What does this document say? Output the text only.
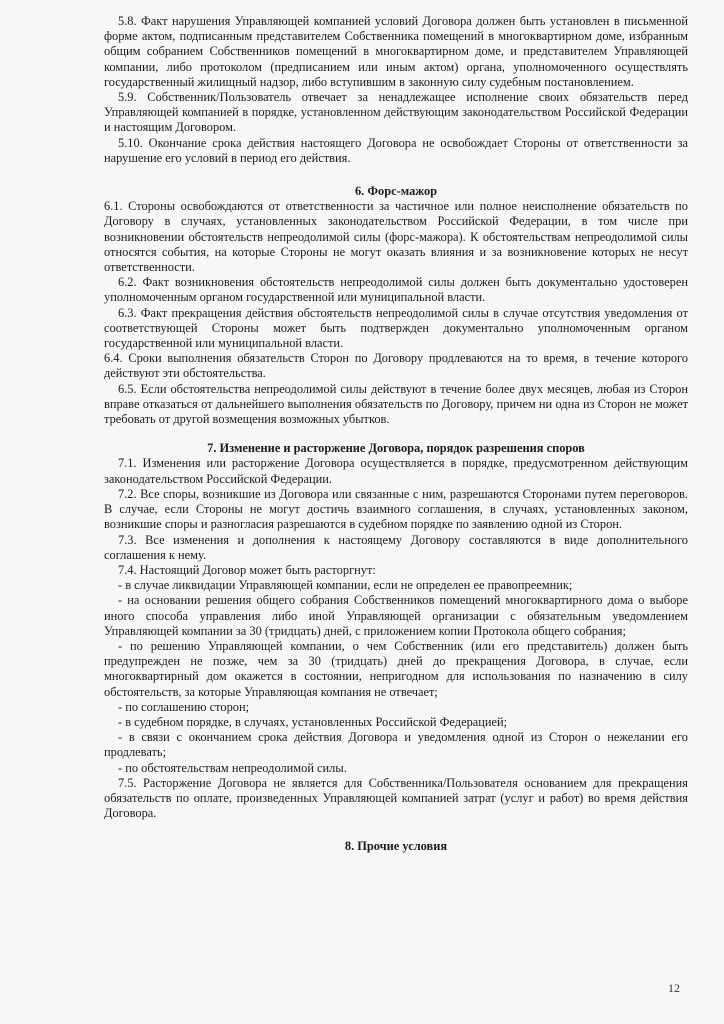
5.8. Факт нарушения Управляющей компанией условий Договора должен быть установлен в письменной форме актом, подписанным представителем Собственника помещений в многоквартирном доме, избранным общим собранием Собственников помещений в многоквартирном доме, и представителем Управляющей компании, либо протоколом (предписанием или иным актом) органа, уполномоченного осуществлять государственный жилищный надзор, либо вступившим в законную силу судебным постановлением.

5.9. Собственник/Пользователь отвечает за ненадлежащее исполнение своих обязательств перед Управляющей компанией в порядке, установленном действующим законодательством Российской Федерации и настоящим Договором.

5.10. Окончание срока действия настоящего Договора не освобождает Стороны от ответственности за нарушение его условий в период его действия.

6. Форс-мажор

6.1. Стороны освобождаются от ответственности за частичное или полное неисполнение обязательств по Договору в случаях, установленных законодательством Российской Федерации, в том числе при возникновении обстоятельств непреодолимой силы (форс-мажора). К обстоятельствам непреодолимой силы относятся события, на которые Стороны не могут оказать влияния и за возникновение которых не несут ответственности.

6.2. Факт возникновения обстоятельств непреодолимой силы должен быть документально удостоверен уполномоченным органом государственной или муниципальной власти.

6.3. Факт прекращения действия обстоятельств непреодолимой силы в случае отсутствия уведомления от соответствующей Стороны может быть подтвержден документально уполномоченным органом государственной или муниципальной власти.

6.4. Сроки выполнения обязательств Сторон по Договору продлеваются на то время, в течение которого действуют эти обстоятельства.

6.5. Если обстоятельства непреодолимой силы действуют в течение более двух месяцев, любая из Сторон вправе отказаться от дальнейшего выполнения обязательств по Договору, причем ни одна из Сторон не может требовать от другой возмещения возможных убытков.

7. Изменение и расторжение Договора, порядок разрешения споров

7.1. Изменения или расторжение Договора осуществляется в порядке, предусмотренном действующим законодательством Российской Федерации.

7.2. Все споры, возникшие из Договора или связанные с ним, разрешаются Сторонами путем переговоров. В случае, если Стороны не могут достичь взаимного соглашения, в случаях, установленных законом, возникшие споры и разногласия разрешаются в судебном порядке по заявлению одной из Сторон.

7.3. Все изменения и дополнения к настоящему Договору составляются в виде дополнительного соглашения к нему.

7.4. Настоящий Договор может быть расторгнут:

- в случае ликвидации Управляющей компании, если не определен ее правопреемник;

- на основании решения общего собрания Собственников помещений многоквартирного дома о выборе иного способа управления либо иной Управляющей организации с обязательным уведомлением Управляющей компании за 30 (тридцать) дней, с приложением копии Протокола общего собрания;

- по решению Управляющей компании, о чем Собственник (или его представитель) должен быть предупрежден не позже, чем за 30 (тридцать) дней до прекращения Договора, в случае, если многоквартирный дом окажется в состоянии, непригодном для использования по назначению в силу обстоятельств, за которые Управляющая компания не отвечает;

- по соглашению сторон;

- в судебном порядке, в случаях, установленных Российской Федерацией;

- в связи с окончанием срока действия Договора и уведомления одной из Сторон о нежелании его продлевать;

- по обстоятельствам непреодолимой силы.

7.5. Расторжение Договора не является для Собственника/Пользователя основанием для прекращения обязательств по оплате, произведенных Управляющей компанией затрат (услуг и работ) во время действия Договора.

8. Прочие условия
12
